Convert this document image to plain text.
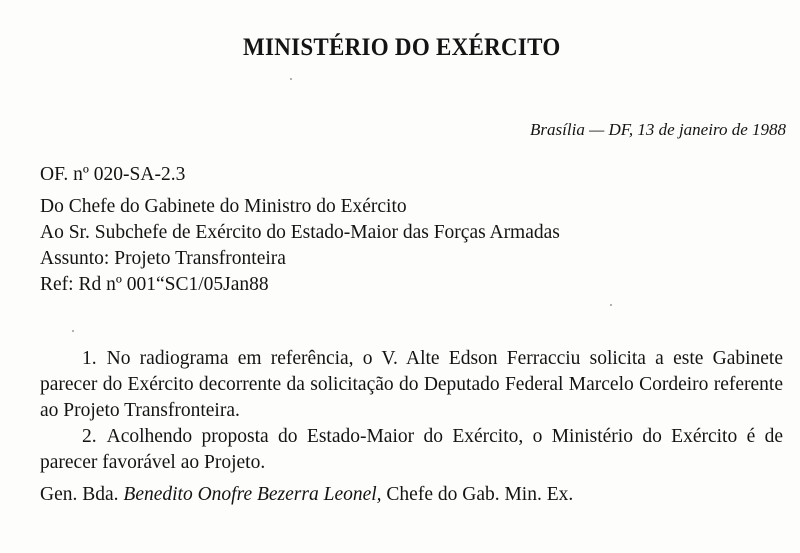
MINISTÉRIO DO EXÉRCITO
Brasília — DF, 13 de janeiro de 1988
OF. nº 020-SA-2.3
Do Chefe do Gabinete do Ministro do Exército
Ao Sr. Subchefe de Exército do Estado-Maior das Forças Armadas
Assunto: Projeto Transfronteira
Ref: Rd nº 001“SC1/05Jan88
1. No radiograma em referência, o V. Alte Edson Ferracciu solicita a este Gabinete parecer do Exército decorrente da solicitação do Deputado Federal Marcelo Cordeiro referente ao Projeto Transfronteira.
2. Acolhendo proposta do Estado-Maior do Exército, o Ministério do Exército é de parecer favorável ao Projeto.
Gen. Bda. Benedito Onofre Bezerra Leonel, Chefe do Gab. Min. Ex.
